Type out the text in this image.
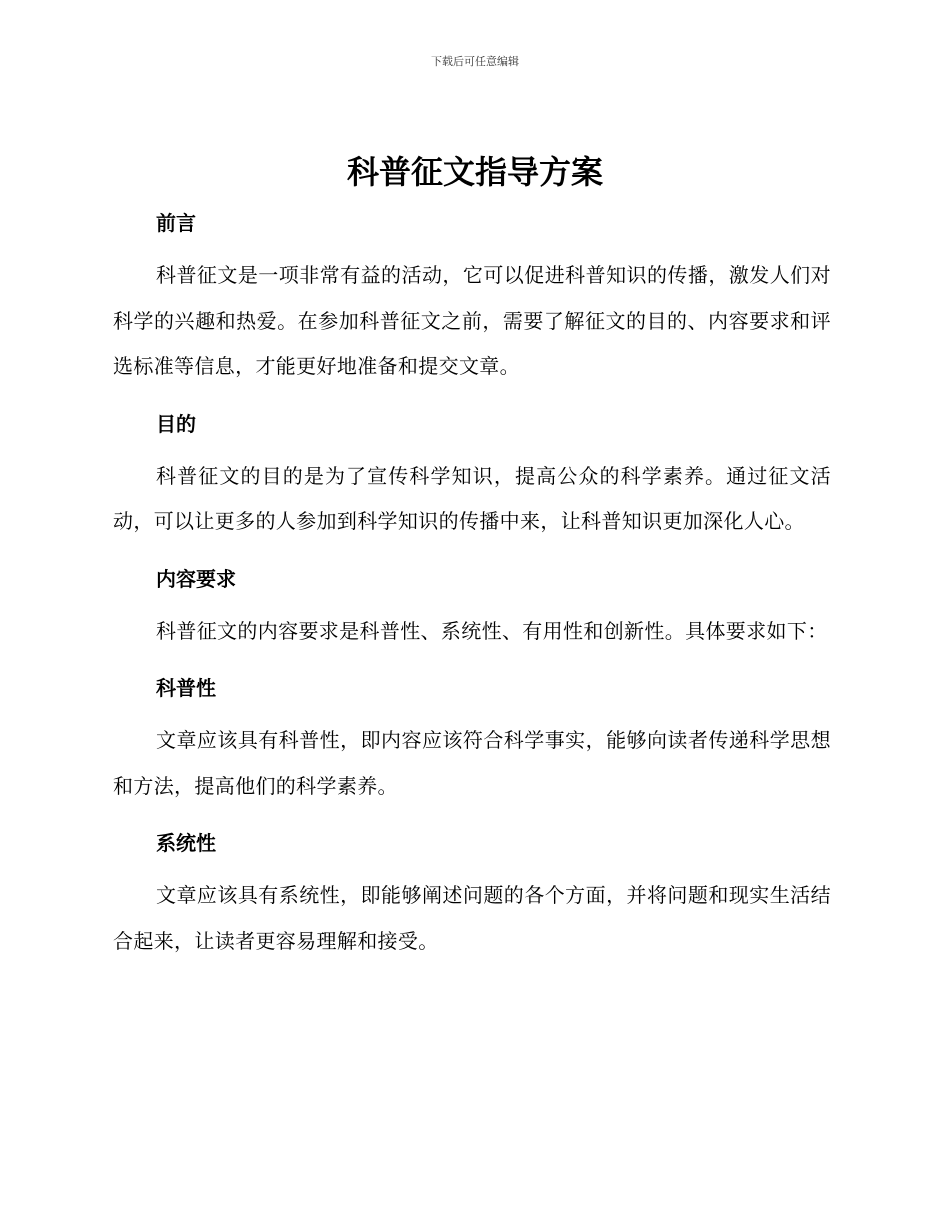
下载后可任意编辑
科普征文指导方案
前言

科普征文是一项非常有益的活动，它可以促进科普知识的传播，激发人们对科学的兴趣和热爱。在参加科普征文之前，需要了解征文的目的、内容要求和评选标准等信息，才能更好地准备和提交文章。

目的

科普征文的目的是为了宣传科学知识，提高公众的科学素养。通过征文活动，可以让更多的人参加到科学知识的传播中来，让科普知识更加深化人心。

内容要求

科普征文的内容要求是科普性、系统性、有用性和创新性。具体要求如下：

科普性

文章应该具有科普性，即内容应该符合科学事实，能够向读者传递科学思想和方法，提高他们的科学素养。

系统性

文章应该具有系统性，即能够阐述问题的各个方面，并将问题和现实生活结合起来，让读者更容易理解和接受。
